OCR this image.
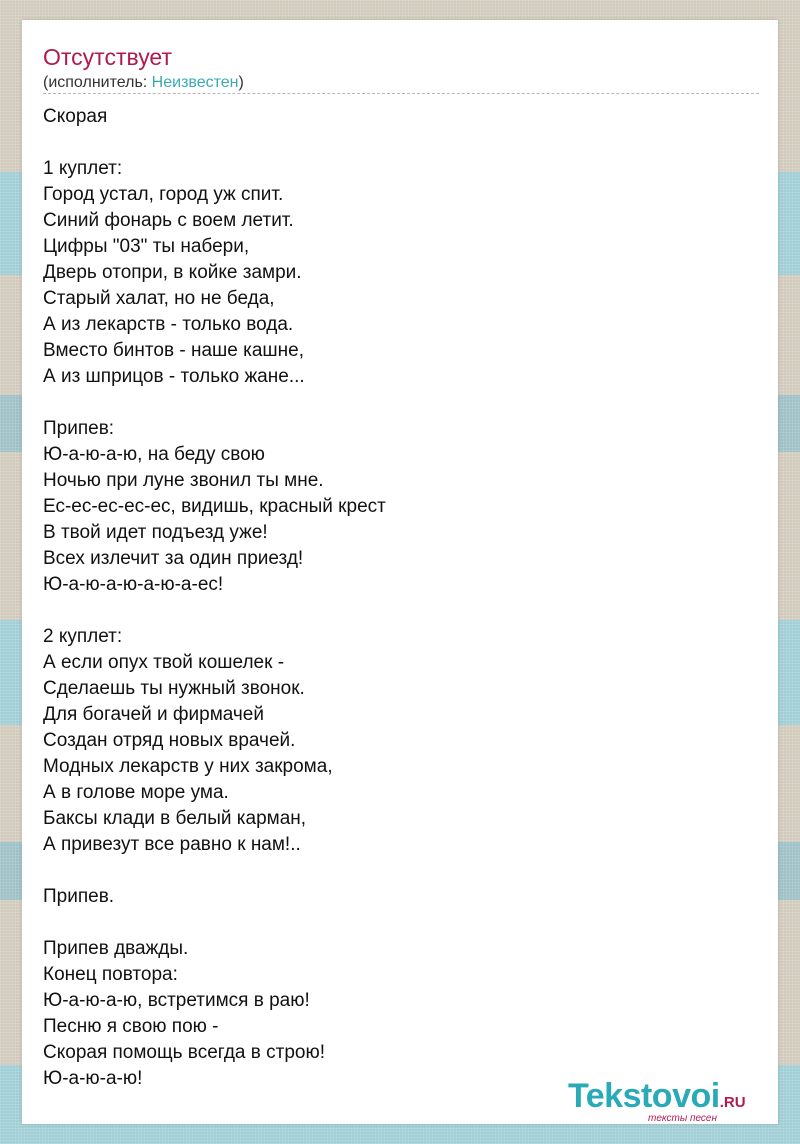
Отсутствует
(исполнитель: Неизвестен)
Скорая
1 куплет:
Город устал, город уж спит.
Синий фонарь с воем летит.
Цифры "03" ты набери,
Дверь отопри, в койке замри.
Старый халат, но не беда,
А из лекарств - только вода.
Вместо бинтов - наше кашне,
А из шприцов - только жане...
Припев:
Ю-а-ю-а-ю, на беду свою
Ночью при луне звонил ты мне.
Ес-ес-ес-ес-ес, видишь, красный крест
В твой идет подъезд уже!
Всех излечит за один приезд!
Ю-а-ю-а-ю-а-ю-а-ес!
2 куплет:
А если опух твой кошелек -
Сделаешь ты нужный звонок.
Для богачей и фирмачей
Создан отряд новых врачей.
Модных лекарств у них закрома,
А в голове море ума.
Баксы клади в белый карман,
А привезут все равно к нам!..
Припев.
Припев дважды.
Конец повтора:
Ю-а-ю-а-ю, встретимся в раю!
Песню я свою пою -
Скорая помощь всегда в строю!
Ю-а-ю-а-ю!	Tekstovoi.RU
тексты песен
